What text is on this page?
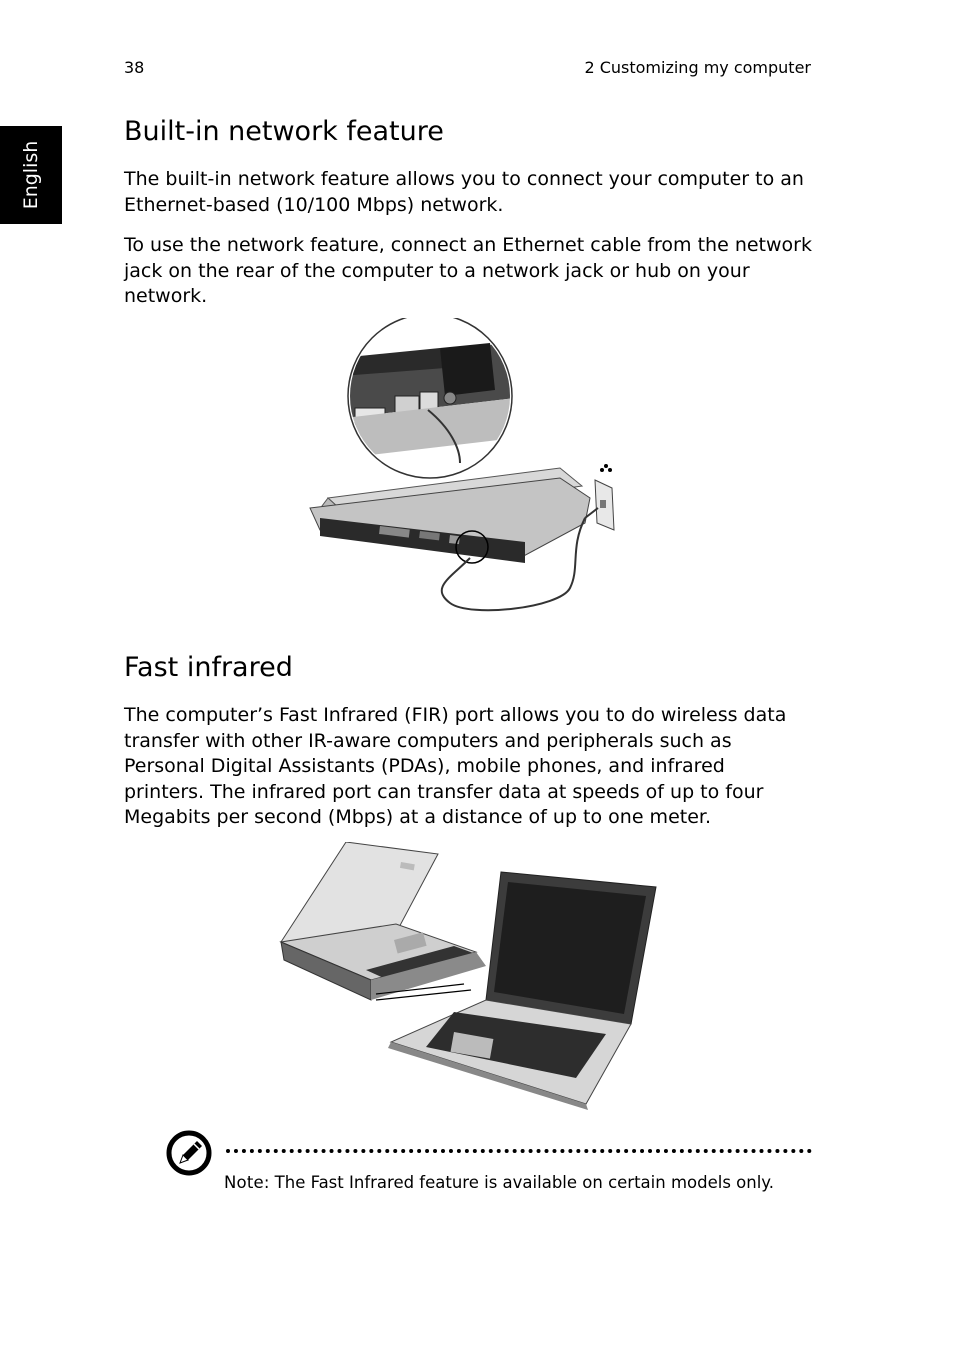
38	2 Customizing my computer
English
Built-in network feature

The built-in network feature allows you to connect your computer to an Ethernet-based (10/100 Mbps) network.

To use the network feature, connect an Ethernet cable from the network jack on the rear of the computer to a network jack or hub on your network.

Fast infrared

The computer’s Fast Infrared (FIR) port allows you to do wireless data transfer with other IR-aware computers and peripherals such as Personal Digital Assistants (PDAs), mobile phones, and infrared printers. The infrared port can transfer data at speeds of up to four Megabits per second (Mbps) at a distance of up to one meter.

Note: The Fast Infrared feature is available on certain models only.
